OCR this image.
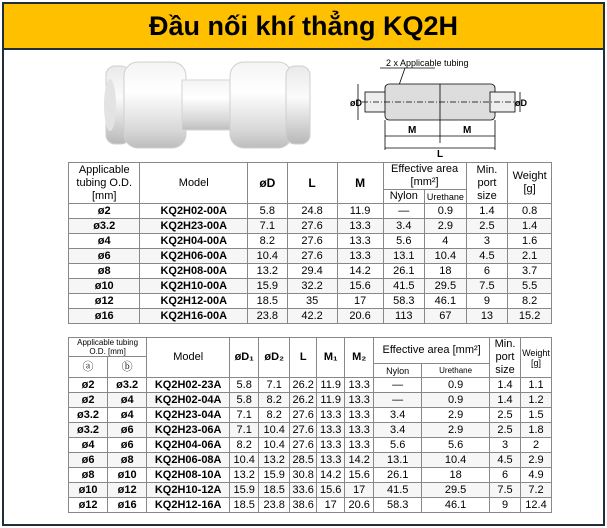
Đầu nối khí thẳng KQ2H
2 x Applicable tubing
øD	øD
M	M
L
Applicable tubing O.D. [mm]	Model	øD	L	M	Effective area [mm²]		Min. port size	Weight [g]
					Nylon	Urethane		
ø2	KQ2H02-00A	5.8	24.8	11.9	—	0.9	1.4	0.8
ø3.2	KQ2H23-00A	7.1	27.6	13.3	3.4	2.9	2.5	1.4
ø4	KQ2H04-00A	8.2	27.6	13.3	5.6	4	3	1.6
ø6	KQ2H06-00A	10.4	27.6	13.3	13.1	10.4	4.5	2.1
ø8	KQ2H08-00A	13.2	29.4	14.2	26.1	18	6	3.7
ø10	KQ2H10-00A	15.9	32.2	15.6	41.5	29.5	7.5	5.5
ø12	KQ2H12-00A	18.5	35	17	58.3	46.1	9	8.2
ø16	KQ2H16-00A	23.8	42.2	20.6	113	67	13	15.2
Applicable tubing O.D. [mm]		Model	øD₁	øD₂	L	M₁	M₂	Effective area [mm²]		Min. port size	Weight [g]
ⓐ	ⓑ										
								Nylon	Urethane		
ø2	ø3.2	KQ2H02-23A	5.8	7.1	26.2	11.9	13.3	—	0.9	1.4	1.1
ø2	ø4	KQ2H02-04A	5.8	8.2	26.2	11.9	13.3	—	0.9	1.4	1.2
ø3.2	ø4	KQ2H23-04A	7.1	8.2	27.6	13.3	13.3	3.4	2.9	2.5	1.5
ø3.2	ø6	KQ2H23-06A	7.1	10.4	27.6	13.3	13.3	3.4	2.9	2.5	1.8
ø4	ø6	KQ2H04-06A	8.2	10.4	27.6	13.3	13.3	5.6	5.6	3	2
ø6	ø8	KQ2H06-08A	10.4	13.2	28.5	13.3	14.2	13.1	10.4	4.5	2.9
ø8	ø10	KQ2H08-10A	13.2	15.9	30.8	14.2	15.6	26.1	18	6	4.9
ø10	ø12	KQ2H10-12A	15.9	18.5	33.6	15.6	17	41.5	29.5	7.5	7.2
ø12	ø16	KQ2H12-16A	18.5	23.8	38.6	17	20.6	58.3	46.1	9	12.4
